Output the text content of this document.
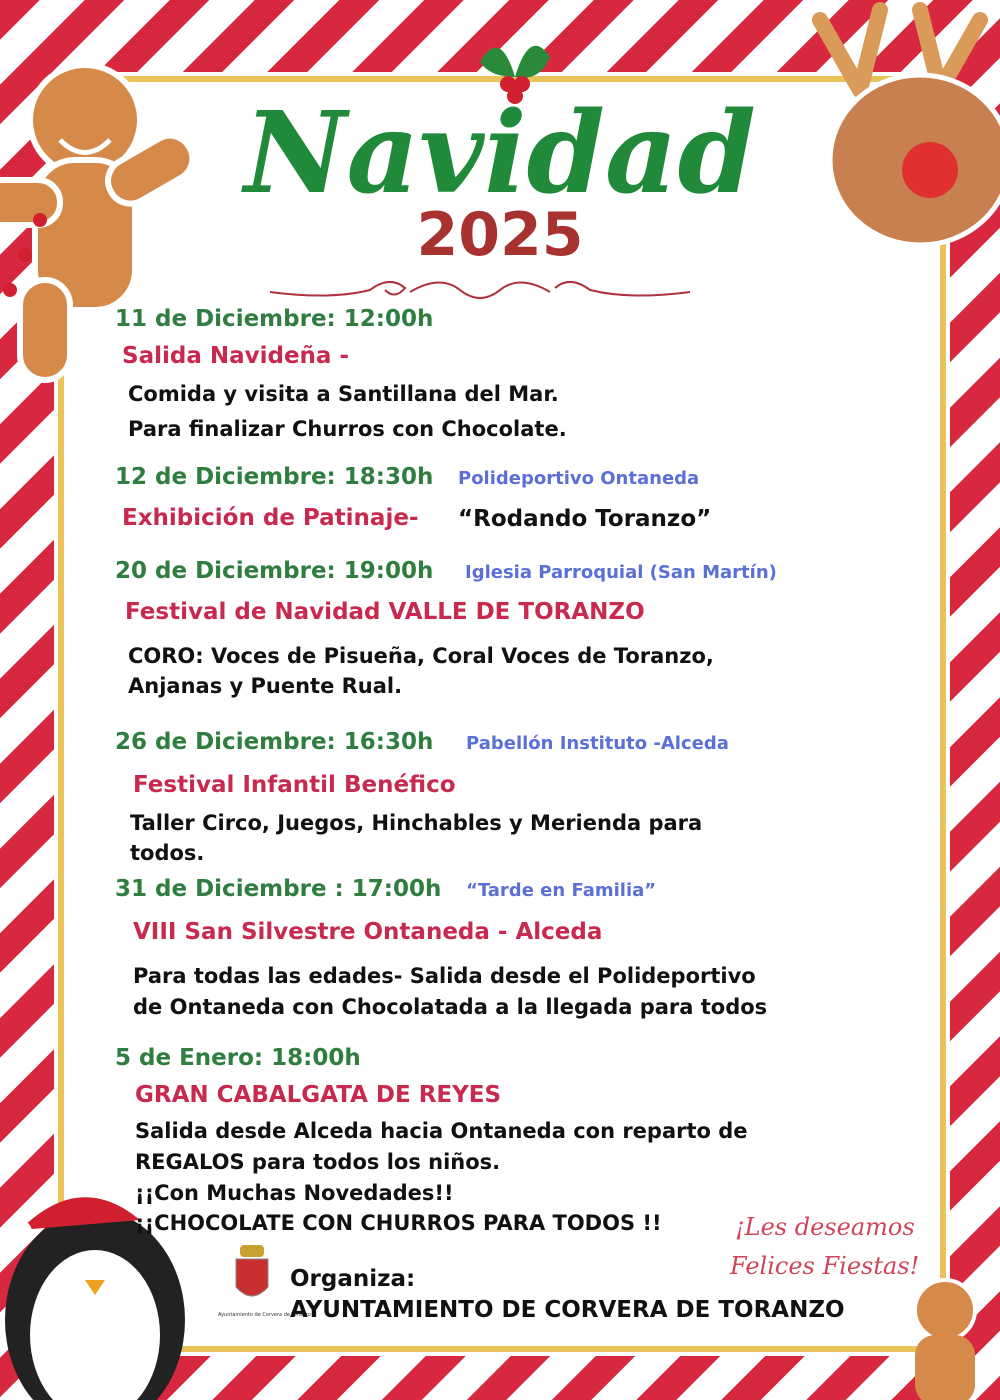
Ayuntamiento de Corvera de Toranzo
Navidad
2025
11 de Diciembre: 12:00h
Salida Navideña -
Comida y visita a Santillana del Mar.
Para finalizar Churros con Chocolate.
12 de Diciembre: 18:30h Polideportivo Ontaneda
Exhibición de Patinaje- “Rodando Toranzo”
20 de Diciembre: 19:00h Iglesia Parroquial (San Martín)
Festival de Navidad VALLE DE TORANZO
CORO: Voces de Pisueña, Coral Voces de Toranzo,
Anjanas y Puente Rual.
26 de Diciembre: 16:30h Pabellón Instituto -Alceda
Festival Infantil Benéfico
Taller Circo, Juegos, Hinchables y Merienda para
todos.
31 de Diciembre : 17:00h “Tarde en Familia”
VIII San Silvestre Ontaneda - Alceda
Para todas las edades- Salida desde el Polideportivo
de Ontaneda con Chocolatada a la llegada para todos
5 de Enero: 18:00h
GRAN CABALGATA DE REYES
Salida desde Alceda hacia Ontaneda con reparto de
REGALOS para todos los niños.
¡¡Con Muchas Novedades!!
¡¡CHOCOLATE CON CHURROS PARA TODOS !!	¡Les deseamos
Felices Fiestas!
Organiza:
AYUNTAMIENTO DE CORVERA DE TORANZO
